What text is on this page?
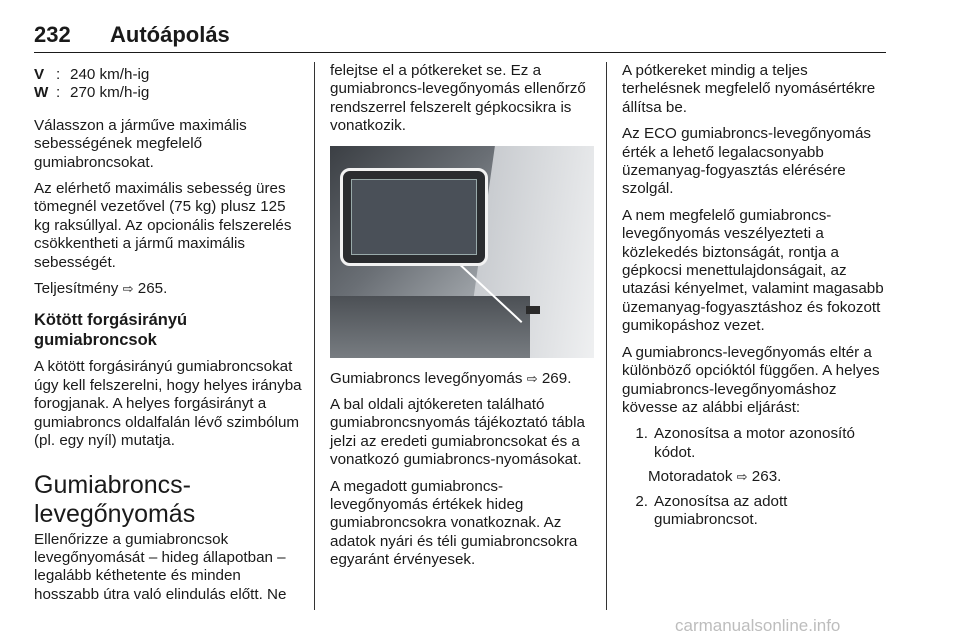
232 Autóápolás
V : 240 km/h-ig
W : 270 km/h-ig

Válasszon a járműve maximális sebességének megfelelő gumiabroncsokat.

Az elérhető maximális sebesség üres tömegnél vezetővel (75 kg) plusz 125 kg raksúllyal. Az opcionális felszerelés csökkentheti a jármű maximális sebességét.

Teljesítmény ⇨ 265.

Kötött forgásirányú gumiabroncsok

A kötött forgásirányú gumiabroncsokat úgy kell felszerelni, hogy helyes irányba forogjanak. A helyes forgásirányt a gumiabroncs oldalfalán lévő szimbólum (pl. egy nyíl) mutatja.

Gumiabroncs-levegőnyomás

Ellenőrizze a gumiabroncsok levegőnyomását – hideg állapotban – legalább kéthetente és minden hosszabb útra való elindulás előtt. Ne

felejtse el a pótkereket se. Ez a gumiabroncs-levegőnyomás ellenőrző rendszerrel felszerelt gépkocsikra is vonatkozik.

Gumiabroncs levegőnyomás ⇨ 269.

A bal oldali ajtókereten található gumiabroncsnyomás tájékoztató tábla jelzi az eredeti gumiabroncsokat és a vonatkozó gumiabroncs-nyomásokat.

A megadott gumiabroncs-levegőnyomás értékek hideg gumiabroncsokra vonatkoznak. Az adatok nyári és téli gumiabroncsokra egyaránt érvényesek.

A pótkereket mindig a teljes terhelésnek megfelelő nyomásértékre állítsa be.

Az ECO gumiabroncs-levegőnyomás érték a lehető legalacsonyabb üzemanyag-fogyasztás elérésére szolgál.

A nem megfelelő gumiabroncs-levegőnyomás veszélyezteti a közlekedés biztonságát, rontja a gépkocsi menettulajdonságait, az utazási kényelmet, valamint magasabb üzemanyag-fogyasztáshoz és fokozott gumikopáshoz vezet.

A gumiabroncs-levegőnyomás eltér a különböző opcióktól függően. A helyes gumiabroncs-levegőnyomáshoz kövesse az alábbi eljárást:

1. Azonosítsa a motor azonosító kódot.
Motoradatok ⇨ 263.
2. Azonosítsa az adott gumiabroncsot.
carmanualsonline.info
